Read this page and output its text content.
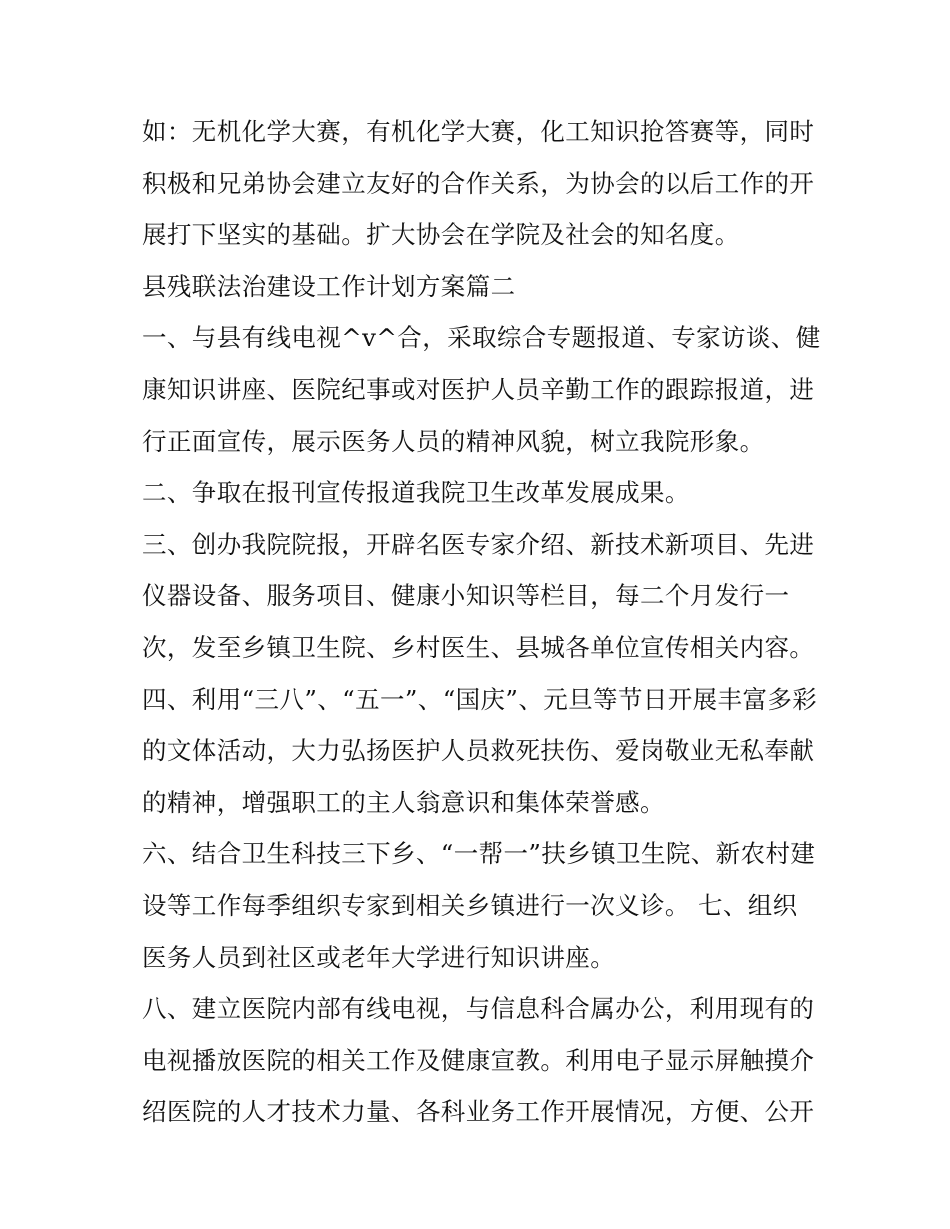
如：无机化学大赛，有机化学大赛，化工知识抢答赛等，同时
积极和兄弟协会建立友好的合作关系，为协会的以后工作的开
展打下坚实的基础。扩大协会在学院及社会的知名度。
县残联法治建设工作计划方案篇二
一、与县有线电视^v^合，采取综合专题报道、专家访谈、健
康知识讲座、医院纪事或对医护人员辛勤工作的跟踪报道，进
行正面宣传，展示医务人员的精神风貌，树立我院形象。
二、争取在报刊宣传报道我院卫生改革发展成果。
三、创办我院院报，开辟名医专家介绍、新技术新项目、先进
仪器设备、服务项目、健康小知识等栏目，每二个月发行一
次，发至乡镇卫生院、乡村医生、县城各单位宣传相关内容。
四、利用“三八”、“五一”、“国庆”、元旦等节日开展丰富多彩
的文体活动，大力弘扬医护人员救死扶伤、爱岗敬业无私奉献
的精神，增强职工的主人翁意识和集体荣誉感。
六、结合卫生科技三下乡、“一帮一”扶乡镇卫生院、新农村建
设等工作每季组织专家到相关乡镇进行一次义诊。 七、组织
医务人员到社区或老年大学进行知识讲座。
八、建立医院内部有线电视，与信息科合属办公，利用现有的
电视播放医院的相关工作及健康宣教。利用电子显示屏触摸介
绍医院的人才技术力量、各科业务工作开展情况，方便、公开
